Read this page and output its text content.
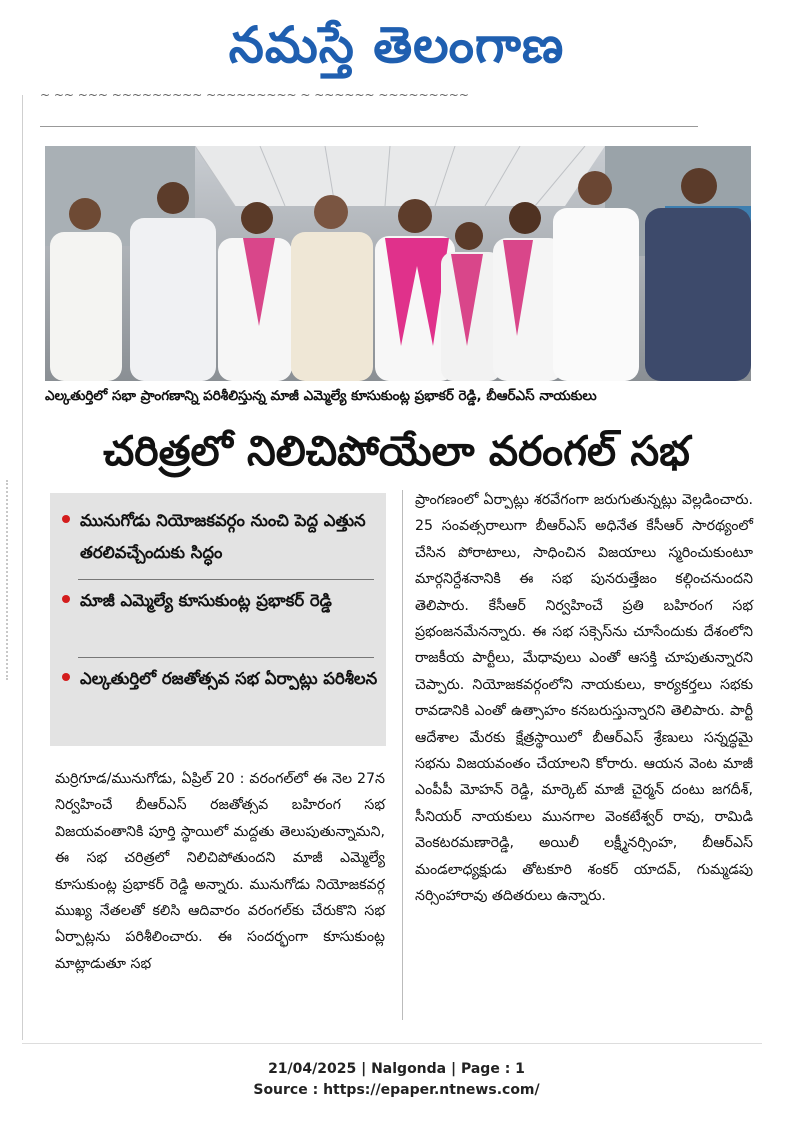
నమస్తే తెలంగాణ
~ ~~ ~~~ ~~~~~~~~~ ~~~~~~~~~ ~ ~~~~~~ ~~~~~~~~~
ఎల్కతుర్తిలో సభా ప్రాంగణాన్ని పరిశీలిస్తున్న మాజీ ఎమ్మెల్యే కూసుకుంట్ల ప్రభాకర్ రెడ్డి, బీఆర్ఎస్ నాయకులు
చరిత్రలో నిలిచిపోయేలా వరంగల్ సభ
మునుగోడు నియోజకవర్గం నుంచి పెద్ద ఎత్తున తరలివచ్చేందుకు సిద్ధం
మాజీ ఎమ్మెల్యే కూసుకుంట్ల ప్రభాకర్ రెడ్డి
ఎల్కతుర్తిలో రజతోత్సవ సభ ఏర్పాట్లు పరిశీలన
మర్రిగూడ/మునుగోడు, ఏప్రిల్ 20 : వరంగల్‌లో ఈ నెల 27న నిర్వహించే బీఆర్ఎస్ రజతోత్సవ బహిరంగ సభ విజయవంతానికి పూర్తి స్థాయిలో మద్దతు తెలుపుతున్నామని, ఈ సభ చరిత్రలో నిలిచిపోతుందని మాజీ ఎమ్మెల్యే కూసుకుంట్ల ప్రభాకర్ రెడ్డి అన్నారు. మునుగోడు నియోజకవర్గ ముఖ్య నేతలతో కలిసి ఆదివారం వరంగల్‌కు చేరుకొని సభ ఏర్పాట్లను పరిశీలించారు. ఈ సందర్భంగా కూసుకుంట్ల మాట్లాడుతూ సభ
ప్రాంగణంలో ఏర్పాట్లు శరవేగంగా జరుగుతున్నట్లు వెల్లడించారు. 25 సంవత్సరాలుగా బీఆర్ఎస్ అధినేత కేసీఆర్ సారథ్యంలో చేసిన పోరాటాలు, సాధించిన విజయాలు స్మరించుకుంటూ మార్గనిర్దేశనానికి ఈ సభ పునరుత్తేజం కల్గించనుందని తెలిపారు. కేసీఆర్ నిర్వహించే ప్రతి బహిరంగ సభ ప్రభంజనమేనన్నారు. ఈ సభ సక్సెస్‌ను చూసేందుకు దేశంలోని రాజకీయ పార్టీలు, మేధావులు ఎంతో ఆసక్తి చూపుతున్నారని చెప్పారు. నియోజకవర్గంలోని నాయకులు, కార్యకర్తలు సభకు రావడానికి ఎంతో ఉత్సాహం కనబరుస్తున్నారని తెలిపారు. పార్టీ ఆదేశాల మేరకు క్షేత్రస్థాయిలో బీఆర్ఎస్ శ్రేణులు సన్నద్ధమై సభను విజయవంతం చేయాలని కోరారు. ఆయన వెంట మాజీ ఎంపీపీ మోహన్ రెడ్డి, మార్కెట్ మాజీ చైర్మన్ దంటు జగదీశ్, సీనియర్ నాయకులు మునగాల వెంకటేశ్వర్ రావు, రామిడి వెంకటరమణారెడ్డి, అయిలీ లక్ష్మీనర్సింహ, బీఆర్ఎస్ మండలాధ్యక్షుడు తోటకూరి శంకర్ యాదవ్, గుమ్మడపు నర్సింహారావు తదితరులు ఉన్నారు.
21/04/2025 | Nalgonda | Page : 1
Source : https://epaper.ntnews.com/
